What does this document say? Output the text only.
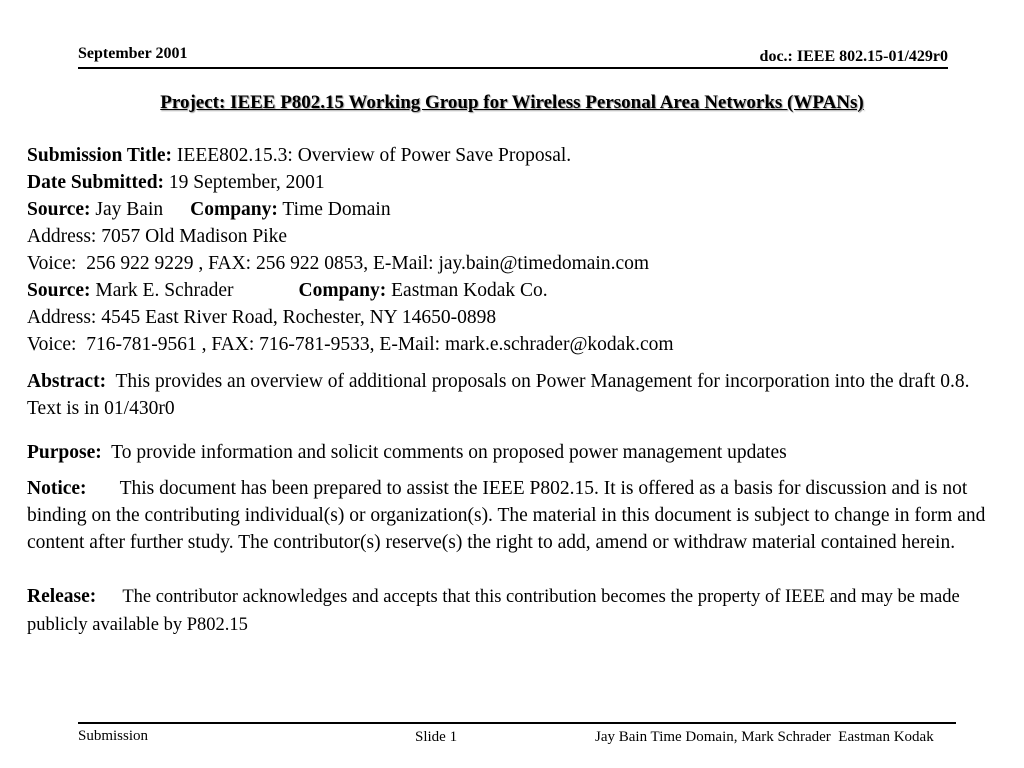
September 2001	doc.: IEEE 802.15-01/429r0
Project: IEEE P802.15 Working Group for Wireless Personal Area Networks (WPANs)
Submission Title: IEEE802.15.3: Overview of Power Save Proposal.
Date Submitted: 19 September, 2001
Source: Jay Bain Company: Time Domain
Address: 7057 Old Madison Pike
Voice:  256 922 9229 , FAX: 256 922 0853, E-Mail: jay.bain@timedomain.com
Source: Mark E. Schrader	Company: Eastman Kodak Co.
Address: 4545 East River Road, Rochester, NY 14650-0898
Voice:  716-781-9561 , FAX: 716-781-9533, E-Mail: mark.e.schrader@kodak.com
Abstract: This provides an overview of additional proposals on Power Management for incorporation into the draft 0.8. Text is in 01/430r0
Purpose: To provide information and solicit comments on proposed power management updates
Notice: This document has been prepared to assist the IEEE P802.15. It is offered as a basis for discussion and is not binding on the contributing individual(s) or organization(s). The material in this document is subject to change in form and content after further study. The contributor(s) reserve(s) the right to add, amend or withdraw material contained herein.
Release: The contributor acknowledges and accepts that this contribution becomes the property of IEEE and may be made publicly available by P802.15
Submission	Slide 1	Jay Bain Time Domain, Mark Schrader  Eastman Kodak
